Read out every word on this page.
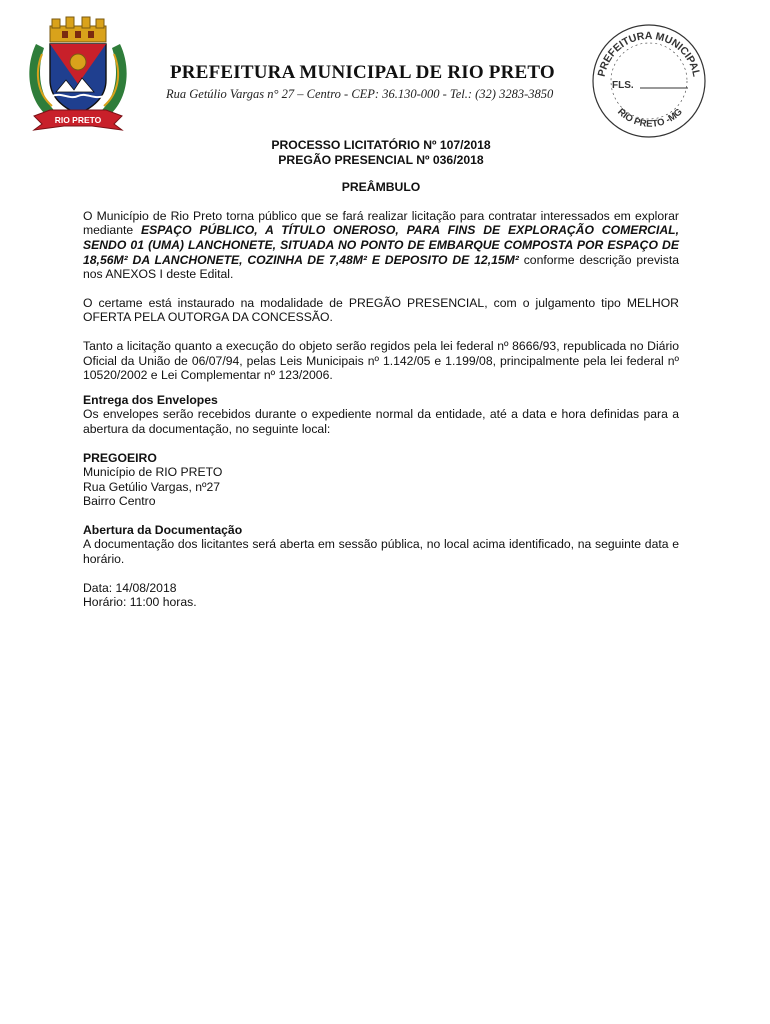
RIO PRETO
PREFEITURA MUNICIPAL DE RIO PRETO
Rua Getúlio Vargas n° 27 – Centro - CEP: 36.130-000 - Tel.: (32) 3283-3850
PREFEITURA MUNICIPAL
FLS.
RIO PRETO -MG

PROCESSO LICITATÓRIO Nº 107/2018

PREGÃO PRESENCIAL Nº 036/2018

PREÂMBULO

O Município de Rio Preto torna público que se fará realizar licitação para contratar interessados em explorar mediante ESPAÇO PÚBLICO, A TÍTULO ONEROSO, PARA FINS DE EXPLORAÇÃO COMERCIAL, SENDO 01 (UMA) LANCHONETE, SITUADA NO PONTO DE EMBARQUE COMPOSTA POR ESPAÇO DE 18,56M² DA LANCHONETE, COZINHA DE 7,48M² E DEPOSITO DE 12,15M² conforme descrição prevista nos ANEXOS I deste Edital.

O certame está instaurado na modalidade de PREGÃO PRESENCIAL, com o julgamento tipo MELHOR OFERTA PELA OUTORGA DA CONCESSÃO.

Tanto a licitação quanto a execução do objeto serão regidos pela lei federal nº 8666/93, republicada no Diário Oficial da União de 06/07/94, pelas Leis Municipais nº 1.142/05 e 1.199/08, principalmente pela lei federal nº 10520/2002 e Lei Complementar nº 123/2006.

Entrega dos Envelopes

Os envelopes serão recebidos durante o expediente normal da entidade, até a data e hora definidas para a abertura da documentação, no seguinte local:

PREGOEIRO

Município de RIO PRETO

Rua Getúlio Vargas, nº27

Bairro Centro

Abertura da Documentação

A documentação dos licitantes será aberta em sessão pública, no local acima identificado, na seguinte data e horário.

Data: 14/08/2018

Horário: 11:00 horas.
